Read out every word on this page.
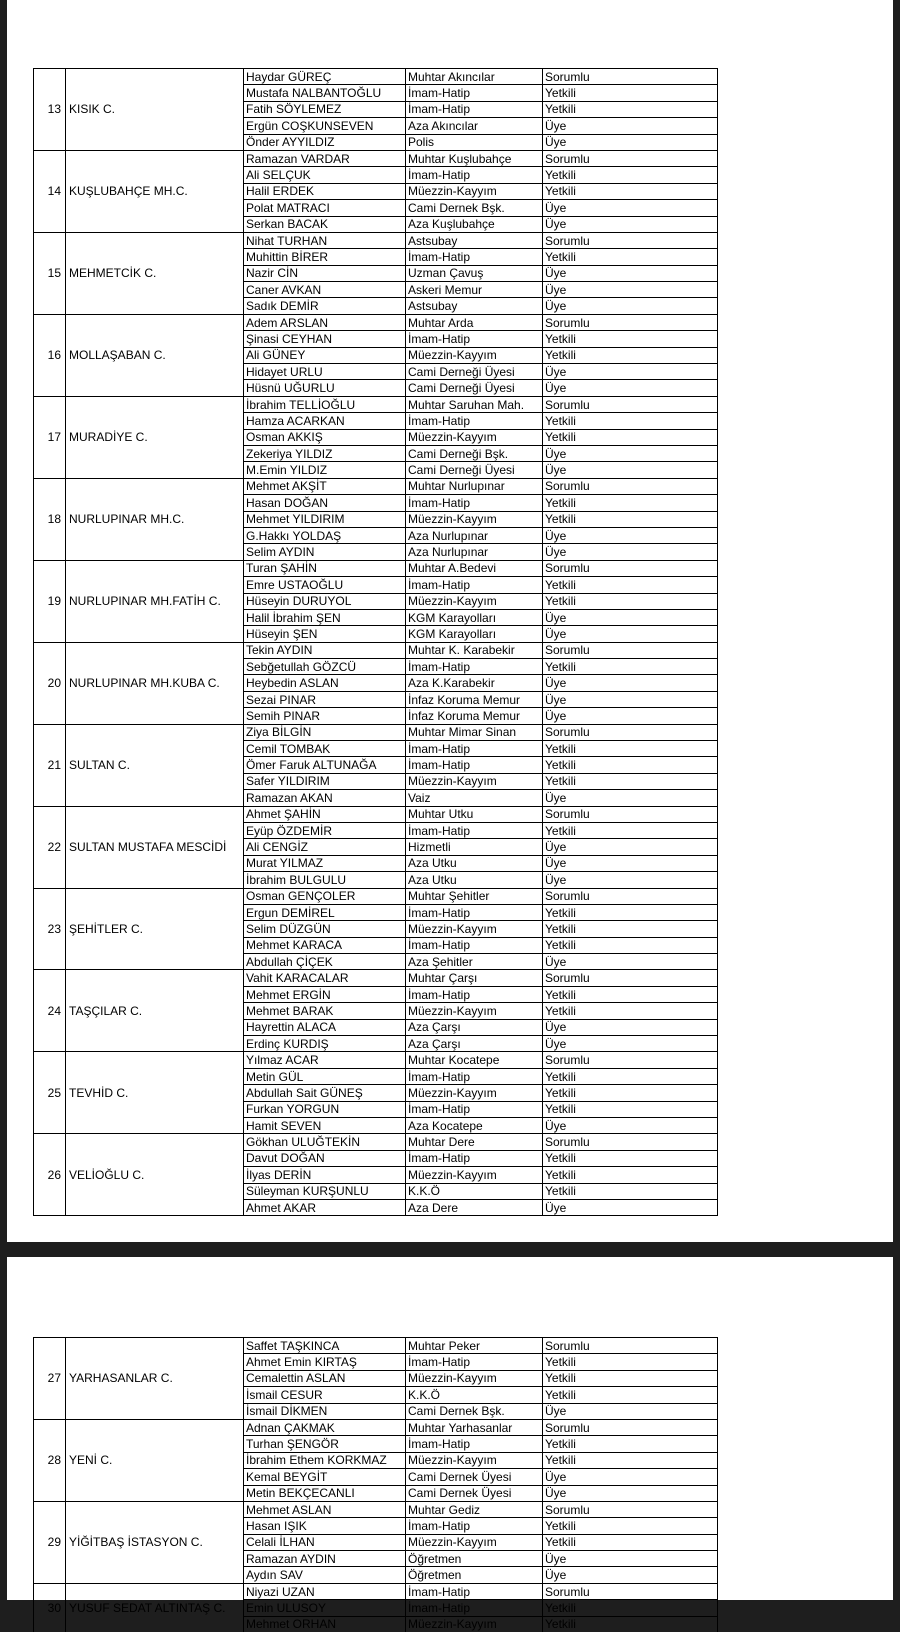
		Haydar GÜREÇ	Muhtar Akıncılar	Sorumlu
		Mustafa NALBANTOĞLU	İmam-Hatip	Yetkili
13	KISIK C.	Fatih SÖYLEMEZ	İmam-Hatip	Yetkili
		Ergün COŞKUNSEVEN	Aza Akıncılar	Üye
		Önder AYYILDIZ	Polis	Üye
		Ramazan VARDAR	Muhtar Kuşlubahçe	Sorumlu
		Ali SELÇUK	İmam-Hatip	Yetkili
14	KUŞLUBAHÇE MH.C.	Halil ERDEK	Müezzin-Kayyım	Yetkili
		Polat MATRACI	Cami Dernek Bşk.	Üye
		Serkan BACAK	Aza Kuşlubahçe	Üye
		Nihat TURHAN	Astsubay	Sorumlu
		Muhittin BİRER	İmam-Hatip	Yetkili
15	MEHMETCİK C.	Nazir CİN	Uzman Çavuş	Üye
		Caner AVKAN	Askeri Memur	Üye
		Sadık DEMİR	Astsubay	Üye
		Adem ARSLAN	Muhtar Arda	Sorumlu
		Şinasi CEYHAN	İmam-Hatip	Yetkili
16	MOLLAŞABAN C.	Ali GÜNEY	Müezzin-Kayyım	Yetkili
		Hidayet URLU	Cami Derneği Üyesi	Üye
		Hüsnü UĞURLU	Cami Derneği Üyesi	Üye
		İbrahim TELLİOĞLU	Muhtar Saruhan Mah.	Sorumlu
		Hamza ACARKAN	İmam-Hatip	Yetkili
17	MURADİYE C.	Osman AKKIŞ	Müezzin-Kayyım	Yetkili
		Zekeriya YILDIZ	Cami Derneği Bşk.	Üye
		M.Emin YILDIZ	Cami Derneği Üyesi	Üye
		Mehmet AKŞİT	Muhtar Nurlupınar	Sorumlu
		Hasan DOĞAN	İmam-Hatip	Yetkili
18	NURLUPINAR MH.C.	Mehmet YILDIRIM	Müezzin-Kayyım	Yetkili
		G.Hakkı YOLDAŞ	Aza Nurlupınar	Üye
		Selim AYDIN	Aza Nurlupınar	Üye
		Turan ŞAHİN	Muhtar A.Bedevi	Sorumlu
		Emre USTAOĞLU	İmam-Hatip	Yetkili
19	NURLUPINAR MH.FATİH C.	Hüseyin DURUYOL	Müezzin-Kayyım	Yetkili
		Halil İbrahim ŞEN	KGM Karayolları	Üye
		Hüseyin ŞEN	KGM Karayolları	Üye
		Tekin AYDIN	Muhtar K. Karabekir	Sorumlu
		Sebğetullah GÖZCÜ	İmam-Hatip	Yetkili
20	NURLUPINAR MH.KUBA C.	Heybedin ASLAN	Aza K.Karabekir	Üye
		Sezai PINAR	İnfaz Koruma Memur	Üye
		Semih PINAR	İnfaz Koruma Memur	Üye
		Ziya BİLGİN	Muhtar Mimar Sinan	Sorumlu
		Cemil TOMBAK	İmam-Hatip	Yetkili
21	SULTAN C.	Ömer Faruk ALTUNAĞA	İmam-Hatip	Yetkili
		Safer YILDIRIM	Müezzin-Kayyım	Yetkili
		Ramazan AKAN	Vaiz	Üye
		Ahmet ŞAHİN	Muhtar Utku	Sorumlu
		Eyüp ÖZDEMİR	İmam-Hatip	Yetkili
22	SULTAN MUSTAFA MESCİDİ	Ali CENGİZ	Hizmetli	Üye
		Murat YILMAZ	Aza Utku	Üye
		İbrahim BULGULU	Aza Utku	Üye
		Osman GENÇOLER	Muhtar Şehitler	Sorumlu
		Ergun DEMİREL	İmam-Hatip	Yetkili
23	ŞEHİTLER C.	Selim DÜZGÜN	Müezzin-Kayyım	Yetkili
		Mehmet KARACA	İmam-Hatip	Yetkili
		Abdullah ÇİÇEK	Aza Şehitler	Üye
		Vahit KARACALAR	Muhtar Çarşı	Sorumlu
		Mehmet ERGİN	İmam-Hatip	Yetkili
24	TAŞÇILAR C.	Mehmet BARAK	Müezzin-Kayyım	Yetkili
		Hayrettin ALACA	Aza Çarşı	Üye
		Erdinç KURDIŞ	Aza Çarşı	Üye
		Yılmaz ACAR	Muhtar Kocatepe	Sorumlu
		Metin GÜL	İmam-Hatip	Yetkili
25	TEVHİD C.	Abdullah Sait GÜNEŞ	Müezzin-Kayyım	Yetkili
		Furkan YORGUN	İmam-Hatip	Yetkili
		Hamit SEVEN	Aza Kocatepe	Üye
		Gökhan ULUĞTEKİN	Muhtar Dere	Sorumlu
		Davut DOĞAN	İmam-Hatip	Yetkili
26	VELİOĞLU C.	İlyas DERİN	Müezzin-Kayyım	Yetkili
		Süleyman KURŞUNLU	K.K.Ö	Yetkili
		Ahmet AKAR	Aza Dere	Üye
		Saffet TAŞKINCA	Muhtar Peker	Sorumlu
		Ahmet Emin KIRTAŞ	İmam-Hatip	Yetkili
27	YARHASANLAR C.	Cemalettin ASLAN	Müezzin-Kayyım	Yetkili
		İsmail CESUR	K.K.Ö	Yetkili
		İsmail DİKMEN	Cami Dernek Bşk.	Üye
		Adnan ÇAKMAK	Muhtar Yarhasanlar	Sorumlu
		Turhan ŞENGÖR	İmam-Hatip	Yetkili
28	YENİ C.	İbrahim Ethem KORKMAZ	Müezzin-Kayyım	Yetkili
		Kemal BEYGİT	Cami Dernek Üyesi	Üye
		Metin BEKÇECANLI	Cami Dernek Üyesi	Üye
		Mehmet ASLAN	Muhtar Gediz	Sorumlu
		Hasan IŞIK	İmam-Hatip	Yetkili
29	YİĞİTBAŞ İSTASYON C.	Celali İLHAN	Müezzin-Kayyım	Yetkili
		Ramazan AYDIN	Öğretmen	Üye
		Aydın SAV	Öğretmen	Üye
		Niyazi UZAN	İmam-Hatip	Sorumlu
30	YUSUF SEDAT ALTINTAŞ C.	Emin ULUSOY	İmam-Hatip	Yetkili
		Mehmet ORHAN	Müezzin-Kayyım	Yetkili
